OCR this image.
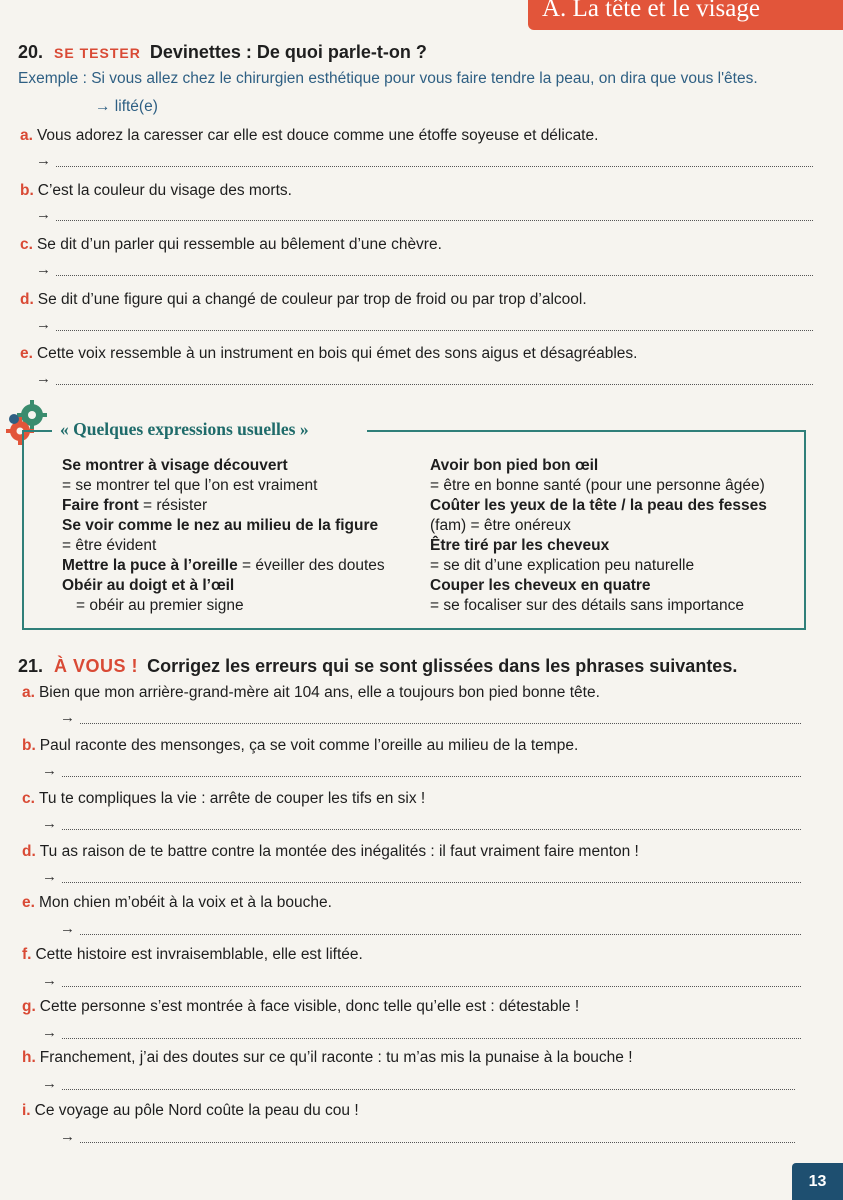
A. La tête et le visage
20. SE TESTER Devinettes : De quoi parle-t-on ?
Exemple : Si vous allez chez le chirurgien esthétique pour vous faire tendre la peau, on dira que vous l'êtes.
→ lifté(e)
a. Vous adorez la caresser car elle est douce comme une étoffe soyeuse et délicate.
→
b. C’est la couleur du visage des morts.
→
c. Se dit d’un parler qui ressemble au bêlement d’une chèvre.
→
d. Se dit d’une figure qui a changé de couleur par trop de froid ou par trop d’alcool.
→
e. Cette voix ressemble à un instrument en bois qui émet des sons aigus et désagréables.
→
« Quelques expressions usuelles »
Se montrer à visage découvert
= se montrer tel que l’on est vraiment
Faire front = résister
Se voir comme le nez au milieu de la figure
= être évident
Mettre la puce à l’oreille = éveiller des doutes
Obéir au doigt et à l’œil
= obéir au premier signe
Avoir bon pied bon œil
= être en bonne santé (pour une personne âgée)
Coûter les yeux de la tête / la peau des fesses
(fam) = être onéreux
Être tiré par les cheveux
= se dit d’une explication peu naturelle
Couper les cheveux en quatre
= se focaliser sur des détails sans importance
21. À VOUS ! Corrigez les erreurs qui se sont glissées dans les phrases suivantes.
a. Bien que mon arrière-grand-mère ait 104 ans, elle a toujours bon pied bonne tête.
→
b. Paul raconte des mensonges, ça se voit comme l’oreille au milieu de la tempe.
→
c. Tu te compliques la vie : arrête de couper les tifs en six !
→
d. Tu as raison de te battre contre la montée des inégalités : il faut vraiment faire menton !
→
e. Mon chien m’obéit à la voix et à la bouche.
→
f. Cette histoire est invraisemblable, elle est liftée.
→
g. Cette personne s’est montrée à face visible, donc telle qu’elle est : détestable !
→
h. Franchement, j’ai des doutes sur ce qu’il raconte : tu m’as mis la punaise à la bouche !
→
i. Ce voyage au pôle Nord coûte la peau du cou !
→
13
